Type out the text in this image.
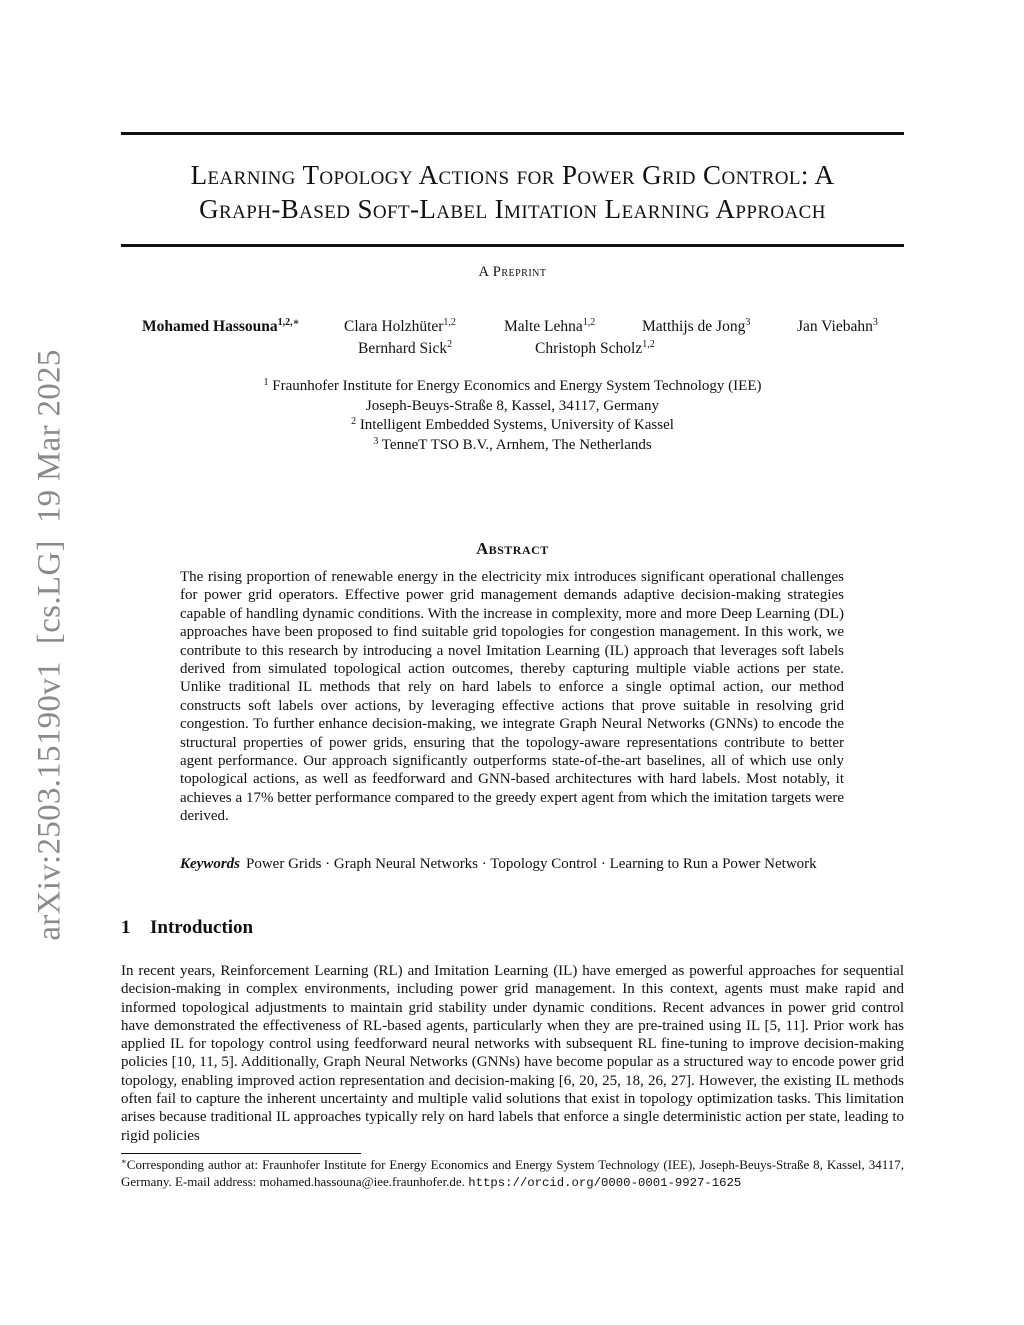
arXiv:2503.15190v1  [cs.LG]  19 Mar 2025
Learning Topology Actions for Power Grid Control: A
Graph-Based Soft-Label Imitation Learning Approach
A Preprint
Mohamed Hassouna$^{1,2,∗}$	Clara Holzhüter$^{1,2}$	Malte Lehna$^{1,2}$	Matthijs de Jong$^3$	Jan Viebahn$^3$
Bernhard Sick$^2$	Christoph Scholz$^{1,2}$
$^1$ Fraunhofer Institute for Energy Economics and Energy System Technology (IEE)
Joseph-Beuys-Straße 8, Kassel, 34117, Germany
$^2$ Intelligent Embedded Systems, University of Kassel
$^3$ TenneT TSO B.V., Arnhem, The Netherlands
Abstract
The rising proportion of renewable energy in the electricity mix introduces significant operational challenges for power grid operators. Effective power grid management demands adaptive decision-making strategies capable of handling dynamic conditions. With the increase in complexity, more and more Deep Learning (DL) approaches have been proposed to find suitable grid topologies for congestion management. In this work, we contribute to this research by introducing a novel Imitation Learning (IL) approach that leverages soft labels derived from simulated topological action outcomes, thereby capturing multiple viable actions per state. Unlike traditional IL methods that rely on hard labels to enforce a single optimal action, our method constructs soft labels over actions, by leveraging effective actions that prove suitable in resolving grid congestion. To further enhance decision-making, we integrate Graph Neural Networks (GNNs) to encode the structural properties of power grids, ensuring that the topology-aware representations contribute to better agent performance. Our approach significantly outperforms state-of-the-art baselines, all of which use only topological actions, as well as feedforward and GNN-based architectures with hard labels. Most notably, it achieves a 17% better performance compared to the greedy expert agent from which the imitation targets were derived.
Keywords Power Grids · Graph Neural Networks · Topology Control · Learning to Run a Power Network
1 Introduction
In recent years, Reinforcement Learning (RL) and Imitation Learning (IL) have emerged as powerful approaches for sequential decision-making in complex environments, including power grid management. In this context, agents must make rapid and informed topological adjustments to maintain grid stability under dynamic conditions. Recent advances in power grid control have demonstrated the effectiveness of RL-based agents, particularly when they are pre-trained using IL [5, 11]. Prior work has applied IL for topology control using feedforward neural networks with subsequent RL fine-tuning to improve decision-making policies [10, 11, 5]. Additionally, Graph Neural Networks (GNNs) have become popular as a structured way to encode power grid topology, enabling improved action representation and decision-making [6, 20, 25, 18, 26, 27]. However, the existing IL methods often fail to capture the inherent uncertainty and multiple valid solutions that exist in topology optimization tasks. This limitation arises because traditional IL approaches typically rely on hard labels that enforce a single deterministic action per state, leading to rigid policies
∗Corresponding author at: Fraunhofer Institute for Energy Economics and Energy System Technology (IEE), Joseph-Beuys-Straße 8, Kassel, 34117, Germany. E-mail address: mohamed.hassouna@iee.fraunhofer.de. https://orcid.org/0000-0001-9927-1625
